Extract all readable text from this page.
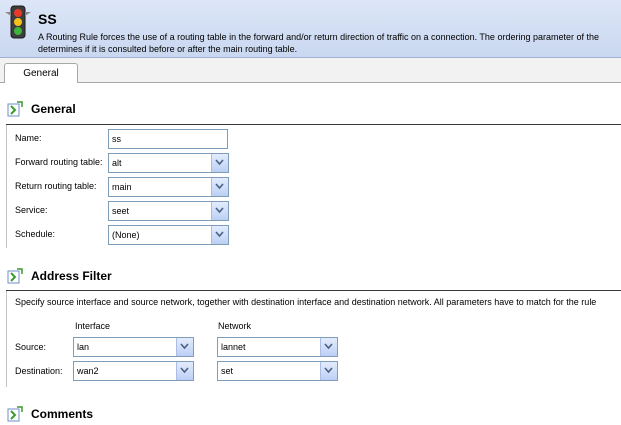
SS
A Routing Rule forces the use of a routing table in the forward and/or return direction of traffic on a connection. The ordering parameter of the
determines if it is consulted before or after the main routing table.
General
General
Name:	ss
Forward routing table: alt
Return routing table: main
Service:	seet
Schedule:	(None)
Address Filter
Specify source interface and source network, together with destination interface and destination network. All parameters have to match for the rule
Interface	Network
Source:	lan	lannet
Destination: wan2	set
Comments
